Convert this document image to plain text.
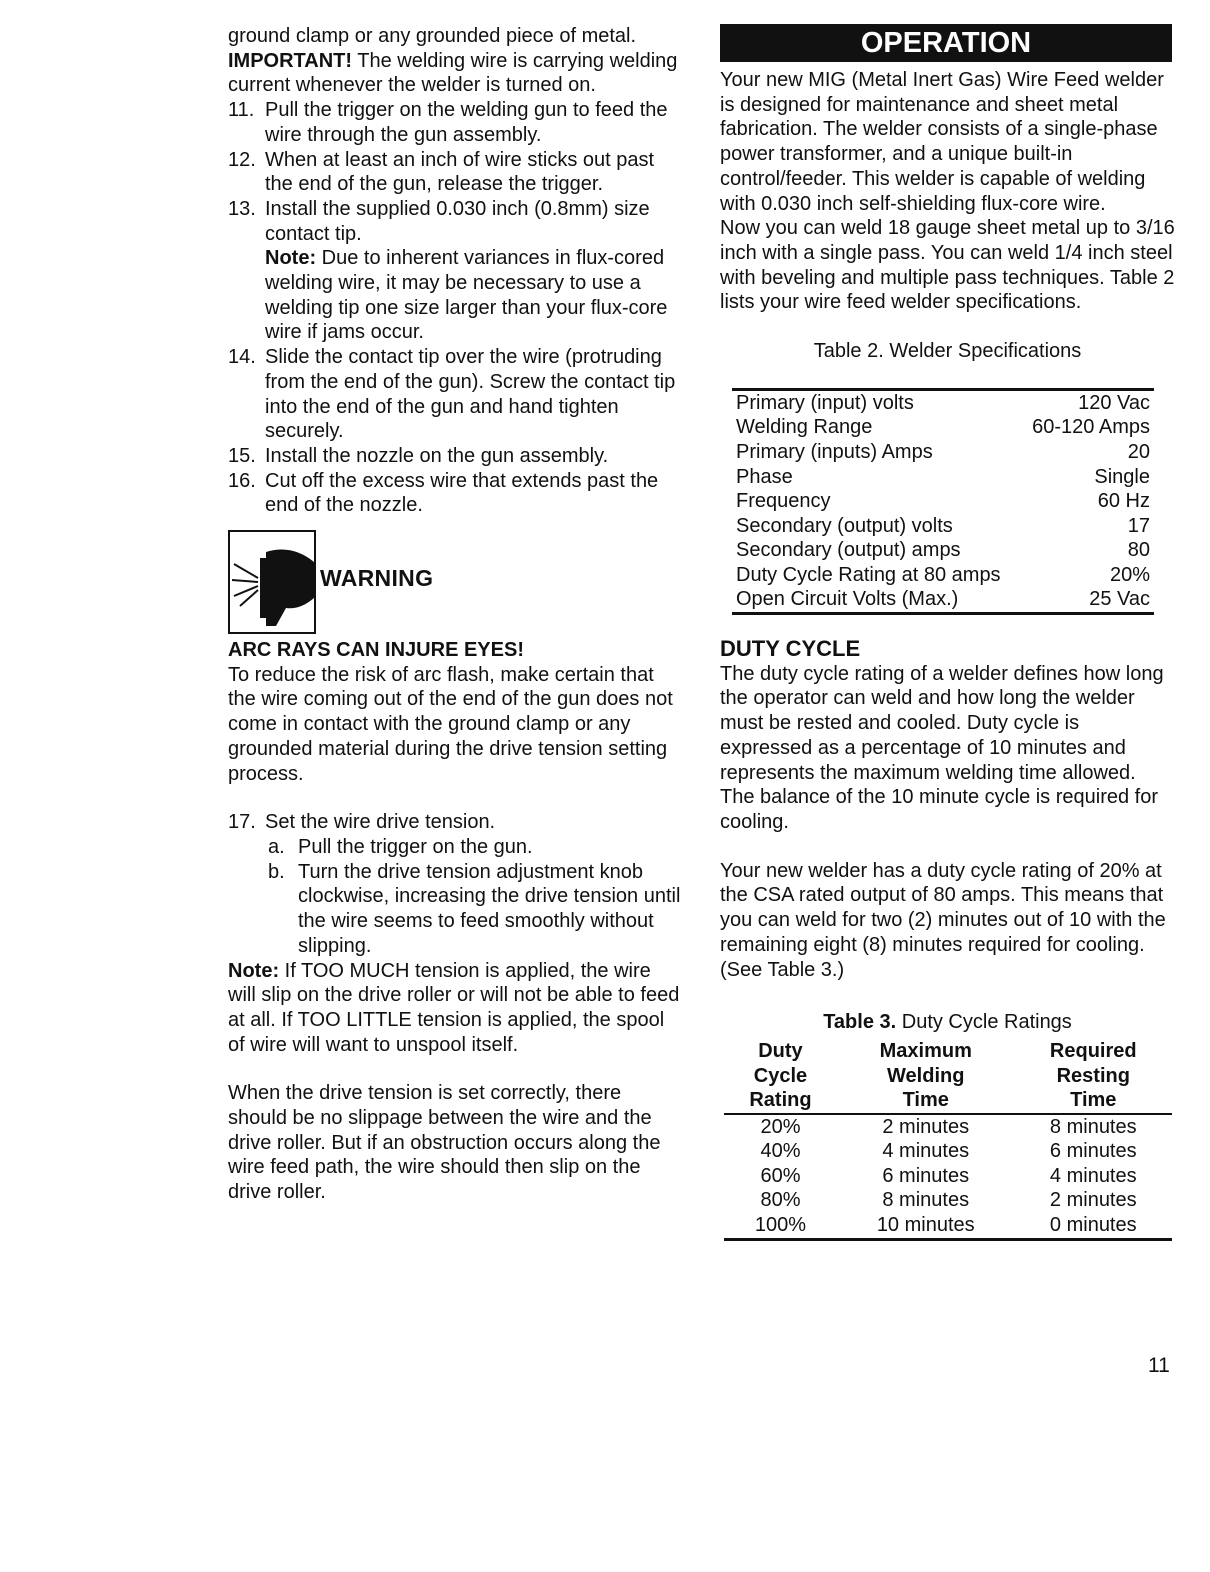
ground clamp or any grounded piece of metal. IMPORTANT! The welding wire is carrying welding current whenever the welder is turned on.

11. Pull the trigger on the welding gun to feed the wire through the gun assembly.
12. When at least an inch of wire sticks out past the end of the gun, release the trigger.
13. Install the supplied 0.030 inch (0.8mm) size contact tip.
Note: Due to inherent variances in flux-cored welding wire, it may be necessary to use a welding tip one size larger than your flux-core wire if jams occur.
14. Slide the contact tip over the wire (protruding from the end of the gun). Screw the contact tip into the end of the gun and hand tighten securely.
15. Install the nozzle on the gun assembly.
16. Cut off the excess wire that extends past the end of the nozzle.
WARNING

ARC RAYS CAN INJURE EYES!

To reduce the risk of arc flash, make certain that the wire coming out of the end of the gun does not come in contact with the ground clamp or any grounded material during the drive tension setting process.

17. Set the wire drive tension.
a. Pull the trigger on the gun.
b. Turn the drive tension adjustment knob clockwise, increasing the drive tension until the wire seems to feed smoothly without slipping.

Note: If TOO MUCH tension is applied, the wire will slip on the drive roller or will not be able to feed at all. If TOO LITTLE tension is applied, the spool of wire will want to unspool itself.

When the drive tension is set correctly, there should be no slippage between the wire and the drive roller. But if an obstruction occurs along the wire feed path, the wire should then slip on the drive roller.

OPERATION

Your new MIG (Metal Inert Gas) Wire Feed welder is designed for maintenance and sheet metal fabrication. The welder consists of a single-phase power transformer, and a unique built-in control/feeder. This welder is capable of welding with 0.030 inch self-shielding flux-core wire.

Now you can weld 18 gauge sheet metal up to 3/16 inch with a single pass. You can weld 1/4 inch steel with beveling and multiple pass techniques. Table 2 lists your wire feed welder specifications.

Table 2. Welder Specifications

Primary (input) volts	120 Vac
Welding Range	60-120 Amps
Primary (inputs) Amps	20
Phase	Single
Frequency	60 Hz
Secondary (output) volts	17
Secondary (output) amps	80
Duty Cycle Rating at 80 amps	20%
Open Circuit Volts (Max.)	25 Vac

DUTY CYCLE

The duty cycle rating of a welder defines how long the operator can weld and how long the welder must be rested and cooled. Duty cycle is expressed as a percentage of 10 minutes and represents the maximum welding time allowed. The balance of the 10 minute cycle is required for cooling.

Your new welder has a duty cycle rating of 20% at the CSA rated output of 80 amps. This means that you can weld for two (2) minutes out of 10 with the remaining eight (8) minutes required for cooling. (See Table 3.)

Table 3. Duty Cycle Ratings

Duty	Maximum	Required
Cycle	Welding	Resting
Rating	Time	Time
20%	2 minutes	8 minutes
40%	4 minutes	6 minutes
60%	6 minutes	4 minutes
80%	8 minutes	2 minutes
100%	10 minutes	0 minutes
11
